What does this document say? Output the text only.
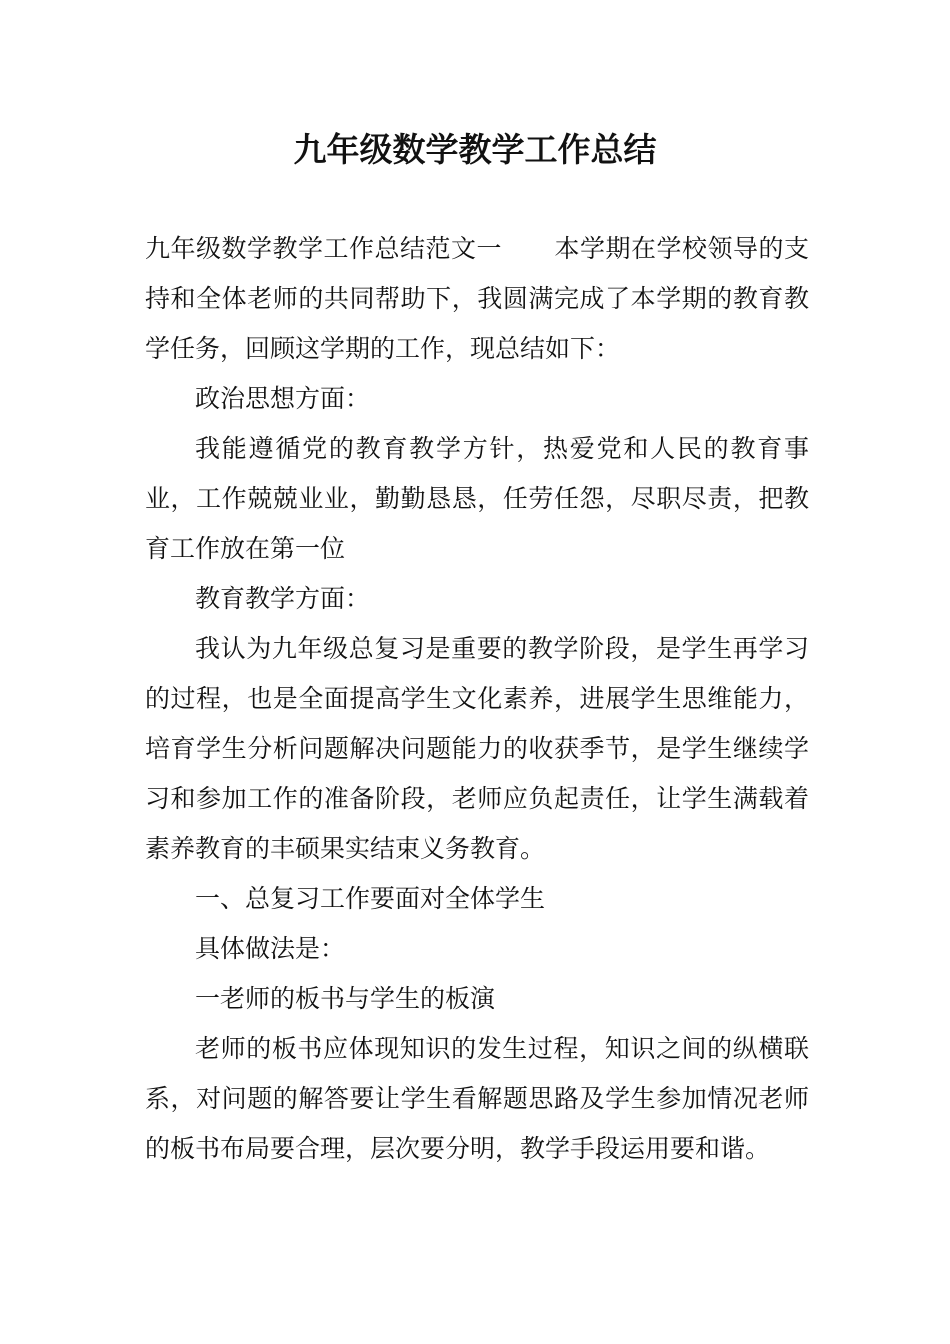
九年级数学教学工作总结

九年级数学教学工作总结范文一 本学期在学校领导的支持和全体老师的共同帮助下，我圆满完成了本学期的教育教学任务，回顾这学期的工作，现总结如下：

政治思想方面：

我能遵循党的教育教学方针，热爱党和人民的教育事业，工作兢兢业业，勤勤恳恳，任劳任怨，尽职尽责，把教育工作放在第一位

教育教学方面：

我认为九年级总复习是重要的教学阶段，是学生再学习的过程，也是全面提高学生文化素养，进展学生思维能力，培育学生分析问题解决问题能力的收获季节，是学生继续学习和参加工作的准备阶段，老师应负起责任，让学生满载着素养教育的丰硕果实结束义务教育。

一、总复习工作要面对全体学生

具体做法是：

一老师的板书与学生的板演

老师的板书应体现知识的发生过程，知识之间的纵横联系，对问题的解答要让学生看解题思路及学生参加情况老师的板书布局要合理，层次要分明，教学手段运用要和谐。
